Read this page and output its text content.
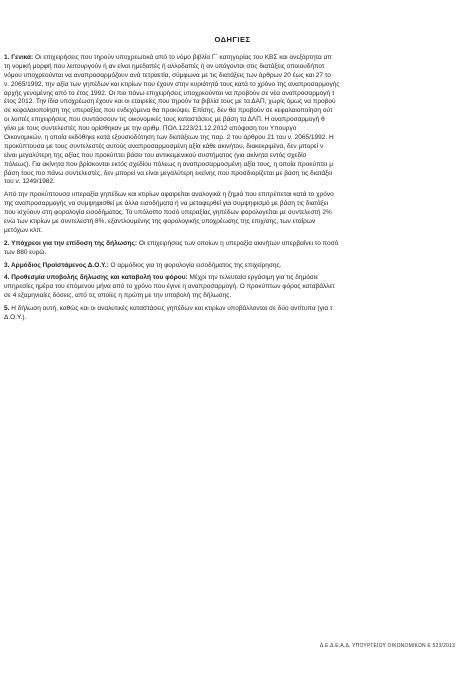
ΟΔΗΓΙΕΣ
1. Γενικά: Οι επιχειρήσεις που τηρούν υποχρεωτικά από το νόμο βιβλία Γ΄ κατηγορίας του ΚΒΣ και ανεξάρτητα απ
τη νομική μορφή που λειτουργούν ή αν είναι ημεδαπές ή αλλοδαπές ή αν υπάγονται στις διατάξεις οποιουδήποτ
νόμου υποχρεούνται να αναπροσαρμόζουν ανά τετραετία, σύμφωνα με τις διατάξεις των άρθρων 20 έως και 27 το
ν. 2065/1992, την αξία των γηπέδων και κτιρίων που έχουν στην κυριότητά τους κατά το χρόνο της αναπροσαρμογής
αρχής γενομένης από το έτος 1992. Οι πιο πάνω επιχειρήσεις υποχρεούνται να προβούν σε νέα αναπροσαρμογή τ
έτος 2012. Την ίδια υποχρέωση έχουν και οι εταιρείες που τηρούν τα βιβλία τους με τα ΔΑΠ, χωρίς όμως να προβού
σε κεφαλαιοποίηση της υπεραξίας που ενδεχόμενα θα προκύψει. Επίσης, δεν θα προβούν σε κεφαλαιοποίηση ούτ
οι λοιπές επιχειρήσεις που συντάσσουν τις οικονομικές τους καταστάσεις με βάση τα ΔΛΠ. Η αναπροσαρμογή θ
γίνει με τους συντελεστές που ορίσθηκαν με την αριθμ. ΠΟΛ.1223/21.12.2012 απόφαση του Υπουργο
Οικονομικών, η οποία εκδόθηκε κατά εξουσιοδότηση των διατάξεων της παρ. 2 του άρθρου 21 του ν. 2065/1992. Η
προκύπτουσα με τους συντελεστές αυτούς αναπροσαρμοσμένη αξία κάθε ακινήτου, διακεκριμένα, δεν μπορεί ν
είναι μεγαλύτερη της αξίας που προκύπτει βάσει του αντικειμενικού συστήματος (για ακίνητα εντός σχεδίο
πόλεως). Για ακίνητα που βρίσκονται εκτός σχεδίου πόλεως η αναπροσαρμοσμένη αξία τους, η οποία προκύπτει μ
βάση τους πιο πάνω συντελεστές, δεν μπορεί να είναι μεγαλύτερη εκείνης που προσδιορίζεται με βάση τις διατάξει
του ν. 1249/1982.
Από την προκύπτουσα υπεραξία γηπέδων και κτιρίων αφαιρείται αναλογικά η ζημιά που επιτρέπεται κατά το χρόνο
της αναπροσαρμογής να συμψηφισθεί με άλλα εισοδήματα ή να μεταφερθεί για συμψηφισμό με βάση τις διατάξει
που ισχύουν στη φορολογία εισοδήματος. Το υπόλοιπο ποσό υπεραξίας γηπέδων φορολογείται με συντελεστή 2%
ενώ των κτιρίων με συντελεστή 8%, εξαντλουμένης της φορολογικής υποχρέωσης της επιχ/σης, των εταίρων
μετόχων κλπ.
2. Υπόχρεοι για την επίδοση της δήλωσης: Οι επιχειρήσεις των οποίων η υπεραξία ακινήτων υπερβαίνει το ποσό
των 880 ευρώ.
3. Αρμόδιος Προϊστάμενος Δ.Ο.Υ.: Ο αρμόδιος για τη φορολογία εισοδήματος της επιχείρησης.
4. Προθεσμία υποβολής δήλωσης και καταβολή του φόρου: Μέχρι την τελευταία εργάσιμη για τις δημόσιε
υπηρεσίες ημέρα του επόμενου μήνα από το χρόνο που έγινε η αναπροσαρμογή. Ο προκύπτων φόρος καταβάλλετ
σε 4 εξαμηνιαίες δόσεις, από τις οποίες η πρώτη με την υποβολή της δήλωσης.
5. Η δήλωση αυτή, καθώς και οι αναλυτικές καταστάσεις γηπέδων και κτιρίων υποβάλλονται σε δύο αντίτυπα (για τ
Δ.Ο.Υ.).
Δ.Ε.Δ.Ε.Α.Δ. ΥΠΟΥΡΓΕΙΟΥ ΟΙΚΟΝΟΜΙΚΩΝ Ε 523/2013
